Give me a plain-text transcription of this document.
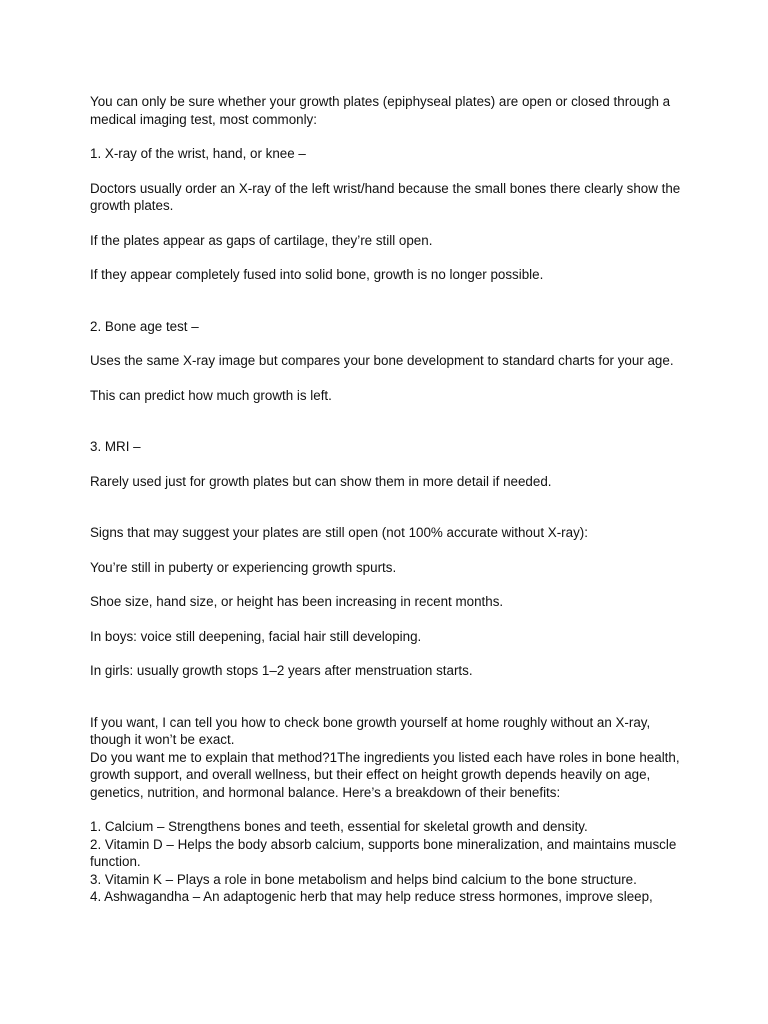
You can only be sure whether your growth plates (epiphyseal plates) are open or closed through a medical imaging test, most commonly:

1. X-ray of the wrist, hand, or knee –

Doctors usually order an X-ray of the left wrist/hand because the small bones there clearly show the growth plates.

If the plates appear as gaps of cartilage, they’re still open.

If they appear completely fused into solid bone, growth is no longer possible.

2. Bone age test –

Uses the same X-ray image but compares your bone development to standard charts for your age.

This can predict how much growth is left.

3. MRI –

Rarely used just for growth plates but can show them in more detail if needed.

Signs that may suggest your plates are still open (not 100% accurate without X-ray):

You’re still in puberty or experiencing growth spurts.

Shoe size, hand size, or height has been increasing in recent months.

In boys: voice still deepening, facial hair still developing.

In girls: usually growth stops 1–2 years after menstruation starts.

If you want, I can tell you how to check bone growth yourself at home roughly without an X-ray, though it won’t be exact.

Do you want me to explain that method?1The ingredients you listed each have roles in bone health, growth support, and overall wellness, but their effect on height growth depends heavily on age, genetics, nutrition, and hormonal balance. Here’s a breakdown of their benefits:

1. Calcium – Strengthens bones and teeth, essential for skeletal growth and density.

2. Vitamin D – Helps the body absorb calcium, supports bone mineralization, and maintains muscle function.

3. Vitamin K – Plays a role in bone metabolism and helps bind calcium to the bone structure.

4. Ashwagandha – An adaptogenic herb that may help reduce stress hormones, improve sleep,
